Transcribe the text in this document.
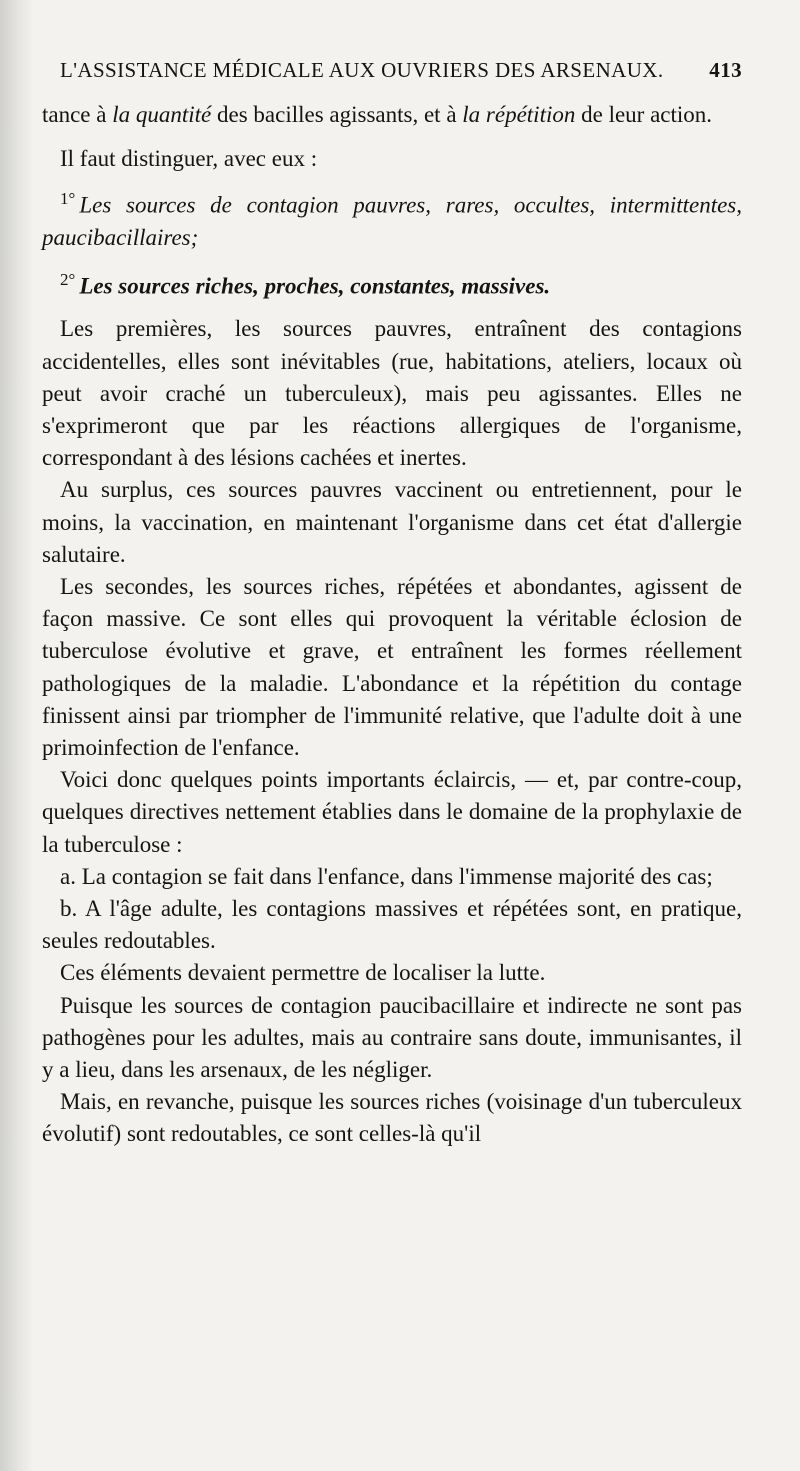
L'ASSISTANCE MÉDICALE AUX OUVRIERS DES ARSENAUX. 413

tance à la quantité des bacilles agissants, et à la répétition de leur action.

Il faut distinguer, avec eux :

$^{1^\circ}$ Les sources de contagion pauvres, rares, occultes, intermittentes, paucibacillaires;

$^{2^\circ}$ Les sources riches, proches, constantes, massives.

Les premières, les sources pauvres, entraînent des contagions accidentelles, elles sont inévitables (rue, habitations, ateliers, locaux où peut avoir craché un tuberculeux), mais peu agissantes. Elles ne s'exprimeront que par les réactions allergiques de l'organisme, correspondant à des lésions cachées et inertes.

Au surplus, ces sources pauvres vaccinent ou entretiennent, pour le moins, la vaccination, en maintenant l'organisme dans cet état d'allergie salutaire.

Les secondes, les sources riches, répétées et abondantes, agissent de façon massive. Ce sont elles qui provoquent la véritable éclosion de tuberculose évolutive et grave, et entraînent les formes réellement pathologiques de la maladie. L'abondance et la répétition du contage finissent ainsi par triompher de l'immunité relative, que l'adulte doit à une primoinfection de l'enfance.

Voici donc quelques points importants éclaircis, — et, par contre-coup, quelques directives nettement établies dans le domaine de la prophylaxie de la tuberculose :

a. La contagion se fait dans l'enfance, dans l'immense majorité des cas;

b. A l'âge adulte, les contagions massives et répétées sont, en pratique, seules redoutables.

Ces éléments devaient permettre de localiser la lutte.

Puisque les sources de contagion paucibacillaire et indirecte ne sont pas pathogènes pour les adultes, mais au contraire sans doute, immunisantes, il y a lieu, dans les arsenaux, de les négliger.

Mais, en revanche, puisque les sources riches (voisinage d'un tuberculeux évolutif) sont redoutables, ce sont celles-là qu'il
